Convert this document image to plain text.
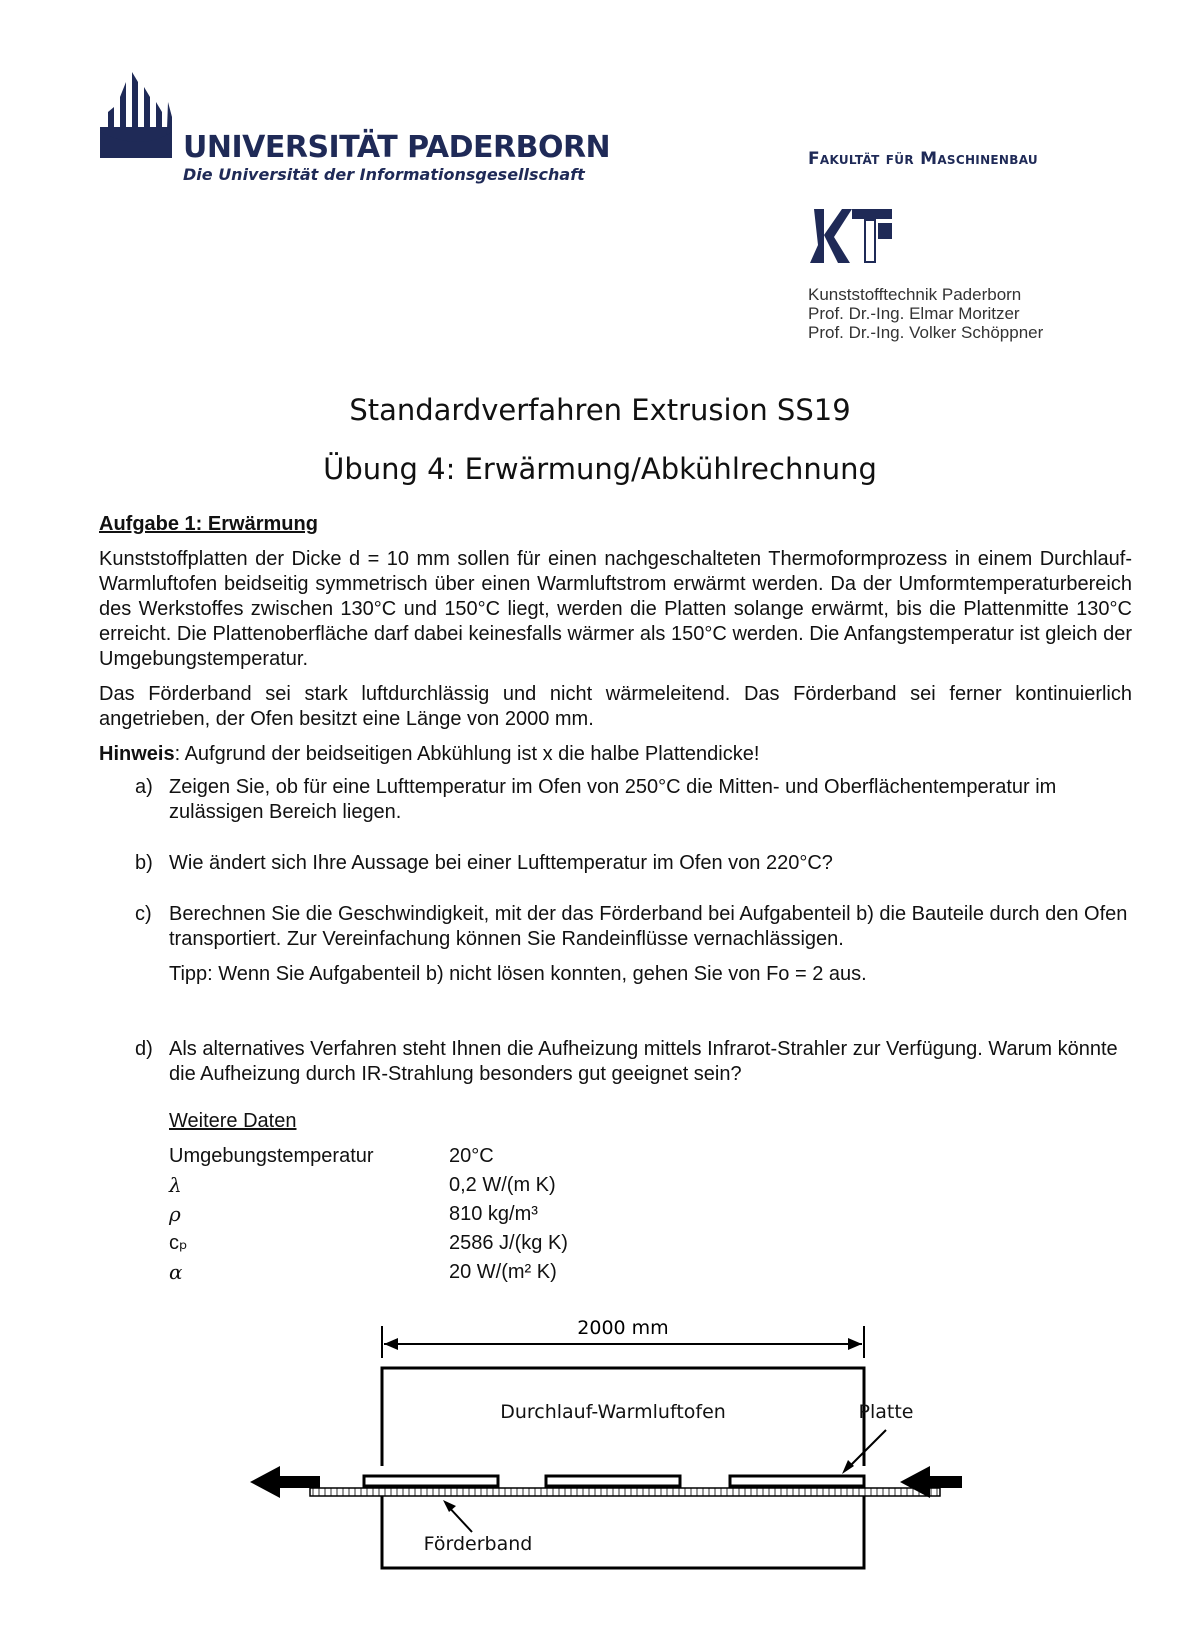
UNIVERSITÄT PADERBORN
Die Universität der Informationsgesellschaft
Fakultät für Maschinenbau
Kunststofftechnik Paderborn
Prof. Dr.-Ing. Elmar Moritzer
Prof. Dr.-Ing. Volker Schöppner
Standardverfahren Extrusion SS19
Übung 4: Erwärmung/Abkühlrechnung
Aufgabe 1: Erwärmung

Kunststoffplatten der Dicke d = 10 mm sollen für einen nachgeschalteten Thermoformprozess in einem Durchlauf-Warmluftofen beidseitig symmetrisch über einen Warmluftstrom erwärmt werden. Da der Umformtemperaturbereich des Werkstoffes zwischen 130°C und 150°C liegt, werden die Platten solange erwärmt, bis die Plattenmitte 130°C erreicht. Die Plattenoberfläche darf dabei keinesfalls wärmer als 150°C werden. Die Anfangstemperatur ist gleich der Umgebungstemperatur.

Das Förderband sei stark luftdurchlässig und nicht wärmeleitend. Das Förderband sei ferner kontinuierlich angetrieben, der Ofen besitzt eine Länge von 2000 mm.

Hinweis: Aufgrund der beidseitigen Abkühlung ist x die halbe Plattendicke!

a) Zeigen Sie, ob für eine Lufttemperatur im Ofen von 250°C die Mitten- und Oberflächentemperatur im zulässigen Bereich liegen.
b) Wie ändert sich Ihre Aussage bei einer Lufttemperatur im Ofen von 220°C?
c) Berechnen Sie die Geschwindigkeit, mit der das Förderband bei Aufgabenteil b) die Bauteile durch den Ofen transportiert. Zur Vereinfachung können Sie Randeinflüsse vernachlässigen.
Tipp: Wenn Sie Aufgabenteil b) nicht lösen konnten, gehen Sie von Fo = 2 aus.
d) Als alternatives Verfahren steht Ihnen die Aufheizung mittels Infrarot-Strahler zur Verfügung. Warum könnte die Aufheizung durch IR-Strahlung besonders gut geeignet sein?
Weitere Daten
Umgebungstemperatur	20°C
λ	0,2 W/(m K)
ρ	810 kg/m³
cₚ	2586 J/(kg K)
α	20 W/(m² K)
2000 mm
Durchlauf-Warmluftofen	Platte
Förderband
